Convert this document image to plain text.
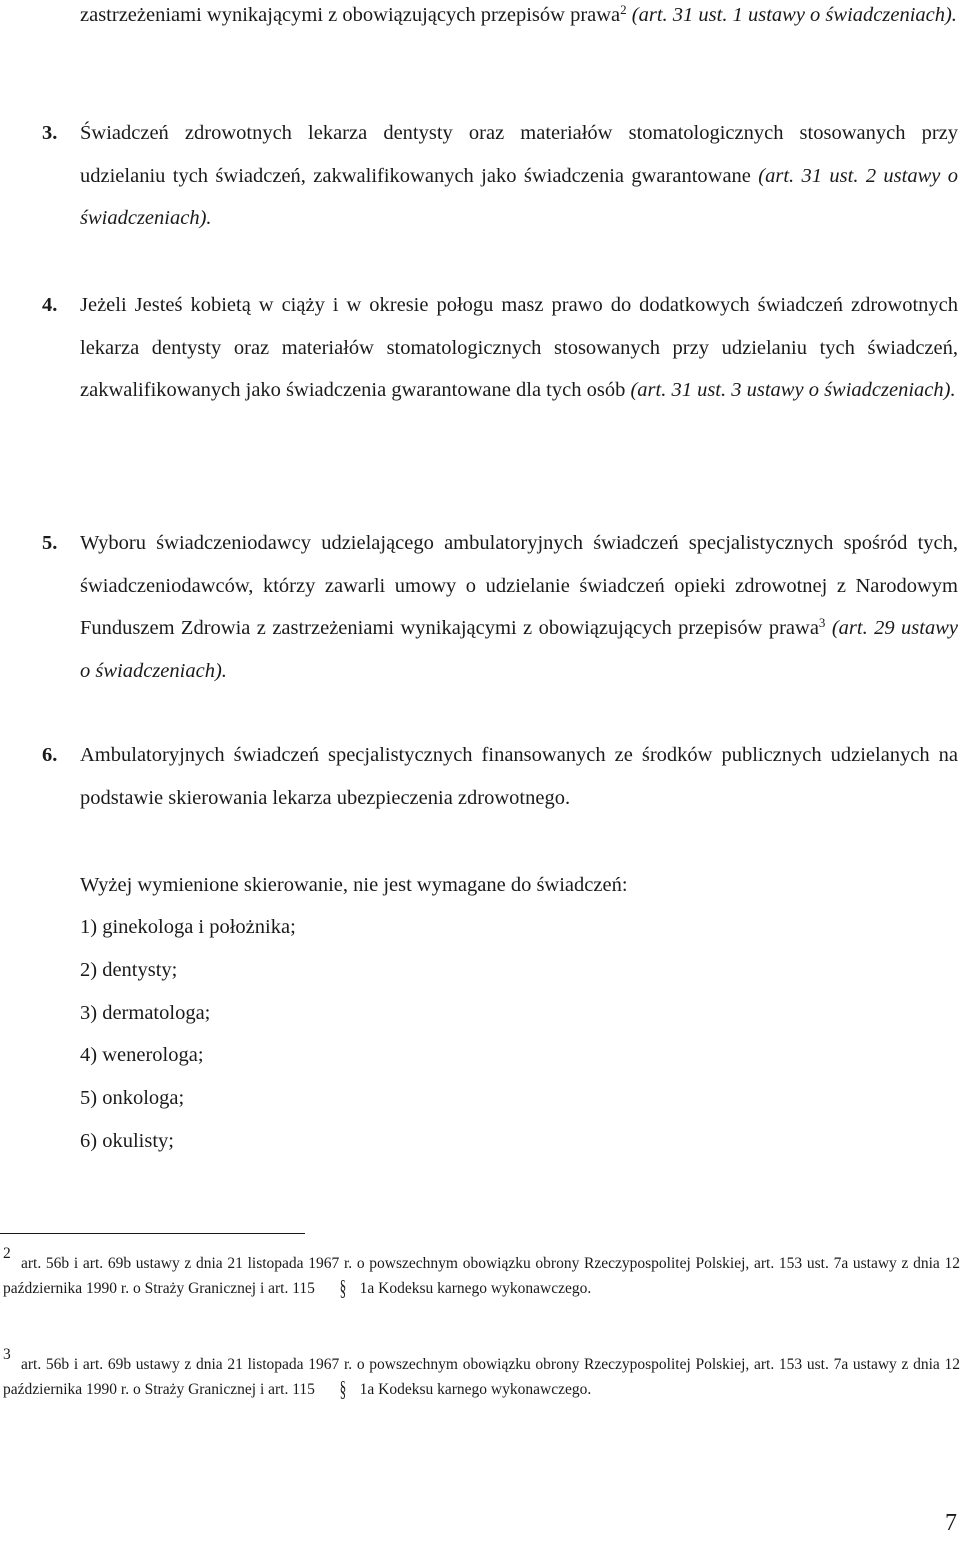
zastrzeżeniami wynikającymi z obowiązujących przepisów prawa$^2$ (art. 31 ust. 1 ustawy o świadczeniach).
3. Świadczeń zdrowotnych lekarza dentysty oraz materiałów stomatologicznych stosowanych przy udzielaniu tych świadczeń, zakwalifikowanych jako świadczenia gwarantowane (art. 31 ust. 2 ustawy o świadczeniach).
4. Jeżeli Jesteś kobietą w ciąży i w okresie połogu masz prawo do dodatkowych świadczeń zdrowotnych lekarza dentysty oraz materiałów stomatologicznych stosowanych przy udzielaniu tych świadczeń, zakwalifikowanych jako świadczenia gwarantowane dla tych osób (art. 31 ust. 3 ustawy o świadczeniach).
5. Wyboru świadczeniodawcy udzielającego ambulatoryjnych świadczeń specjalistycznych spośród tych, świadczeniodawców, którzy zawarli umowy o udzielanie świadczeń opieki zdrowotnej z Narodowym Funduszem Zdrowia z zastrzeżeniami wynikającymi z obowiązujących przepisów prawa$^3$ (art. 29 ustawy o świadczeniach).
6. Ambulatoryjnych świadczeń specjalistycznych finansowanych ze środków publicznych udzielanych na podstawie skierowania lekarza ubezpieczenia zdrowotnego.
Wyżej wymienione skierowanie, nie jest wymagane do świadczeń:
1) ginekologa i położnika;
2) dentysty;
3) dermatologa;
4) wenerologa;
5) onkologa;
6) okulisty;
2
art. 56b i art. 69b ustawy z dnia 21 listopada 1967 r. o powszechnym obowiązku obrony Rzeczypospolitej Polskiej, art. 153 ust. 7a ustawy z dnia 12 października 1990 r. o Straży Granicznej i art. 115 § 1a Kodeksu karnego wykonawczego.
3
art. 56b i art. 69b ustawy z dnia 21 listopada 1967 r. o powszechnym obowiązku obrony Rzeczypospolitej Polskiej, art. 153 ust. 7a ustawy z dnia 12 października 1990 r. o Straży Granicznej i art. 115 § 1a Kodeksu karnego wykonawczego.
7
